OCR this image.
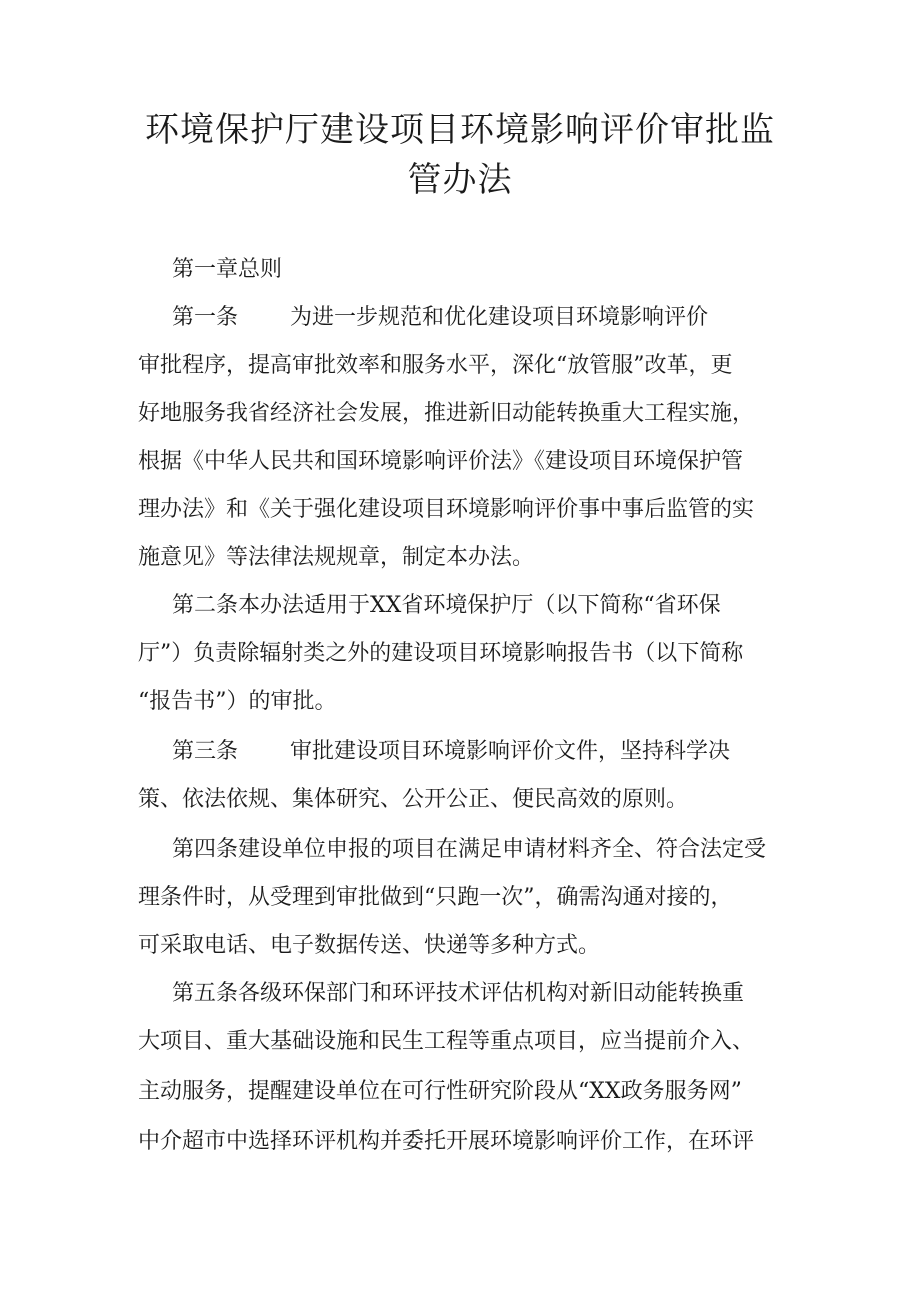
环境保护厅建设项目环境影响评价审批监
管办法

第一章总则

第一条 为进一步规范和优化建设项目环境影响评价

审批程序，提高审批效率和服务水平，深化“放管服”改革，更

好地服务我省经济社会发展，推进新旧动能转换重大工程实施，

根据《中华人民共和国环境影响评价法》《建设项目环境保护管

理办法》和《关于强化建设项目环境影响评价事中事后监管的实

施意见》等法律法规规章，制定本办法。

第二条本办法适用于XX省环境保护厅（以下简称“省环保

厅”）负责除辐射类之外的建设项目环境影响报告书（以下简称

“报告书”）的审批。

第三条 审批建设项目环境影响评价文件，坚持科学决

策、依法依规、集体研究、公开公正、便民高效的原则。

第四条建设单位申报的项目在满足申请材料齐全、符合法定受

理条件时，从受理到审批做到“只跑一次”，确需沟通对接的，

可采取电话、电子数据传送、快递等多种方式。

第五条各级环保部门和环评技术评估机构对新旧动能转换重

大项目、重大基础设施和民生工程等重点项目，应当提前介入、

主动服务，提醒建设单位在可行性研究阶段从“XX政务服务网”

中介超市中选择环评机构并委托开展环境影响评价工作，在环评
